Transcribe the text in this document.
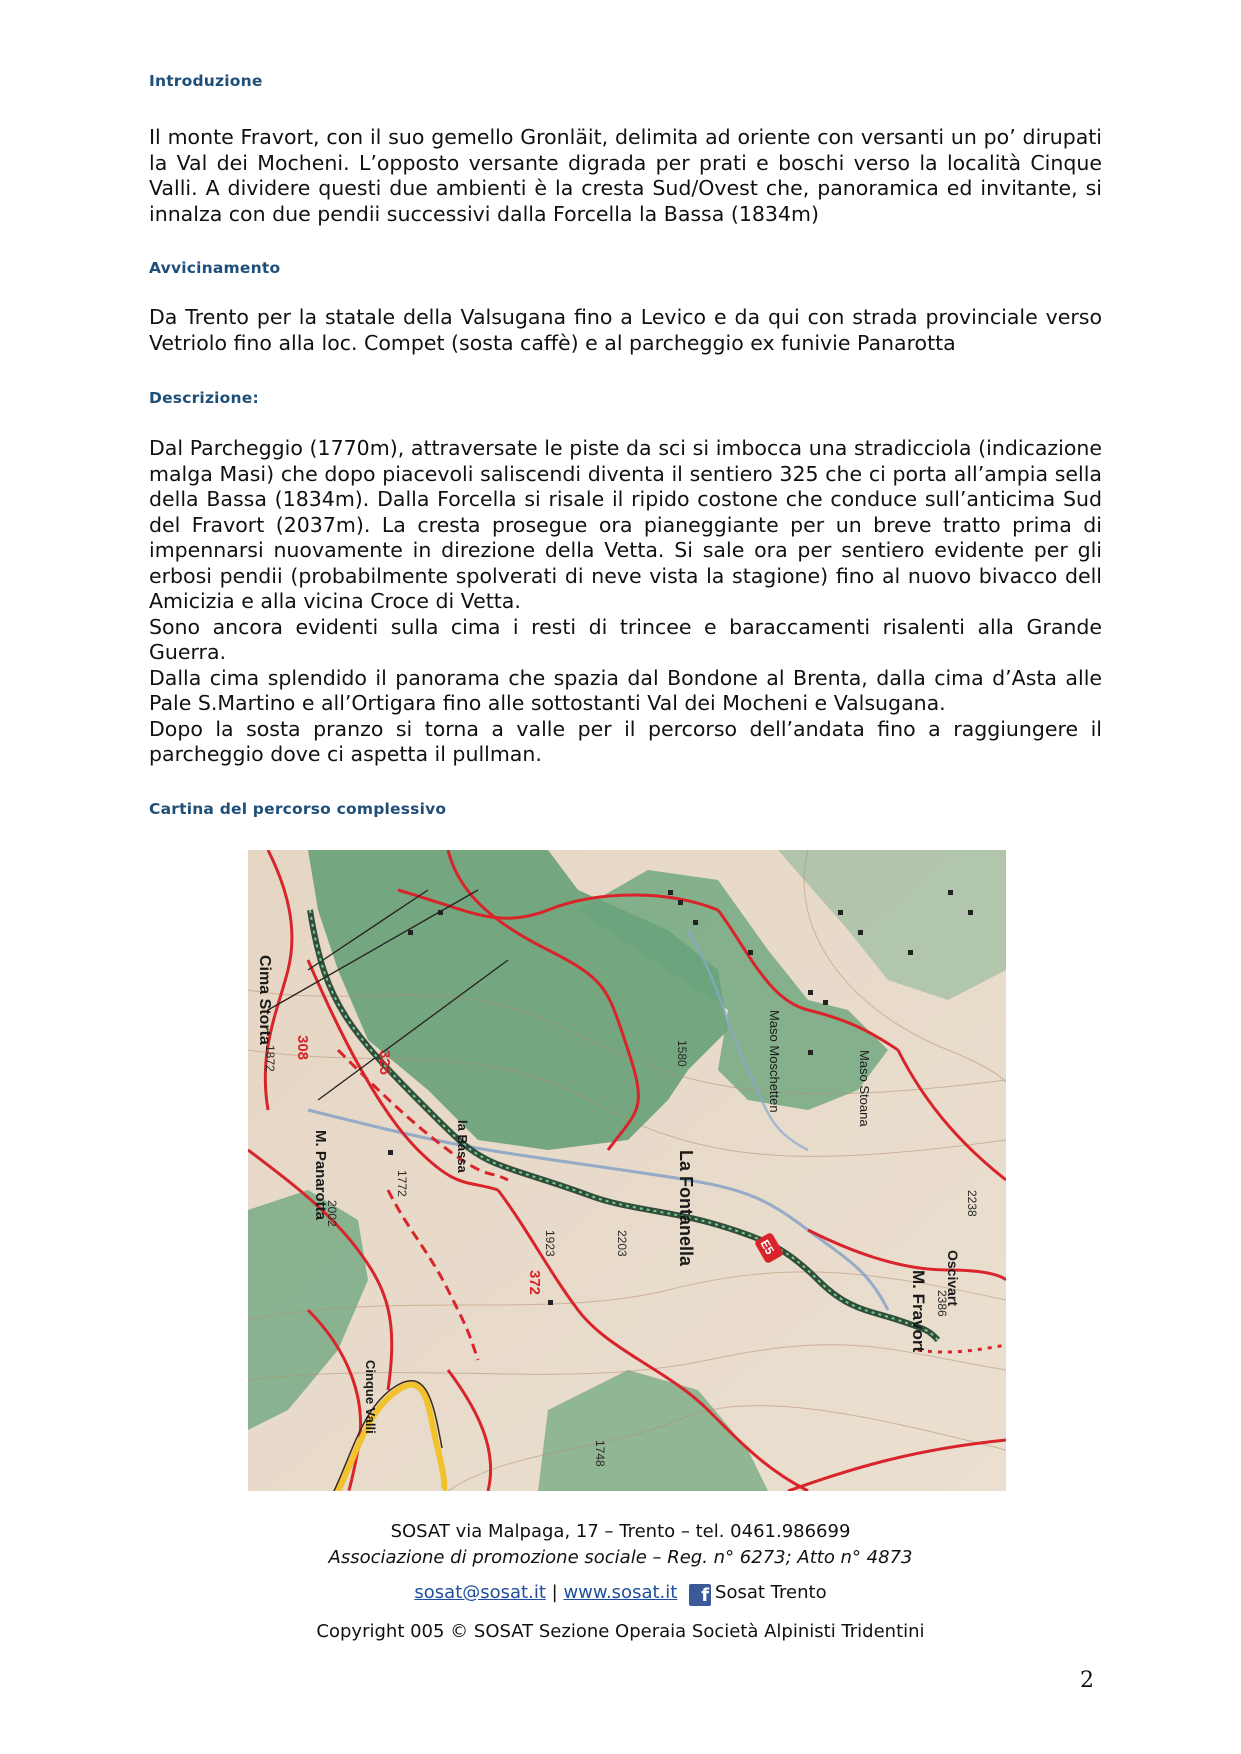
Introduzione

Il monte Fravort, con il suo gemello Gronläit, delimita ad oriente con versanti un po’ dirupati la Val dei Mocheni. L’opposto versante digrada per prati e boschi verso la località Cinque Valli. A dividere questi due ambienti è la cresta Sud/Ovest che, panoramica ed invitante, si innalza con due pendii successivi dalla Forcella la Bassa (1834m)

Avvicinamento

Da Trento per la statale della Valsugana fino a Levico e da qui con strada provinciale verso Vetriolo fino alla loc. Compet (sosta caffè) e al parcheggio ex funivie Panarotta

Descrizione:
Dal Parcheggio (1770m), attraversate le piste da sci si imbocca una stradicciola (indicazione malga Masi) che dopo piacevoli saliscendi diventa il sentiero 325 che ci porta all’ampia sella della Bassa (1834m). Dalla Forcella si risale il ripido costone che conduce sull’anticima Sud del Fravort (2037m). La cresta prosegue ora pianeggiante per un breve tratto prima di impennarsi nuovamente in direzione della Vetta. Si sale ora per sentiero evidente per gli erbosi pendii (probabilmente spolverati di neve vista la stagione) fino al nuovo bivacco dell Amicizia e alla vicina Croce di Vetta.
Sono ancora evidenti sulla cima i resti di trincee e baraccamenti risalenti alla Grande Guerra.
Dalla cima splendido il panorama che spazia dal Bondone al Brenta, dalla cima d’Asta alle Pale S.Martino e all’Ortigara fino alle sottostanti Val dei Mocheni e Valsugana.
Dopo la sosta pranzo si torna a valle per il percorso dell’andata fino a raggiungere il parcheggio dove ci aspetta il pullman.
Cartina del percorso complessivo
Cima Storta
M. Panarotta	la Bassa
La Fontanella
M. Fravort Oscivart
Maso Stoana
Maso Moschetten
Cinque Valli
1872
2002
1772
1923	2203
1580
2238
2386
1748
325
372
308
E5
SOSAT via Malpaga, 17 – Trento – tel. 0461.986699
Associazione di promozione sociale – Reg. n° 6273; Atto n° 4873
sosat@sosat.it | www.sosat.it f Sosat Trento
Copyright 005 © SOSAT Sezione Operaia Società Alpinisti Tridentini
2
